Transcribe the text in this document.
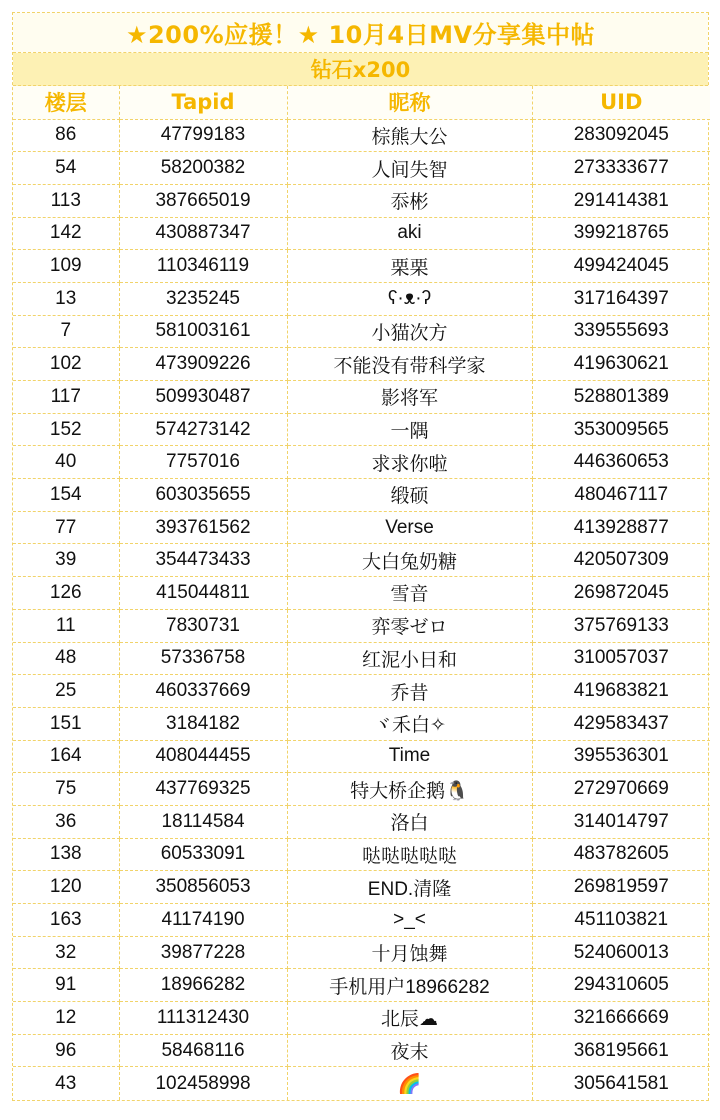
★200%应援！★ 10月4日MV分享集中帖
钻石x200
楼层	Tapid	昵称	UID
86	47799183	棕熊大公	283092045
54	58200382	人间失智	273333677
113	387665019	忝彬	291414381
142	430887347	aki	399218765
109	110346119	栗栗	499424045
13	3235245	ʕ·ᴥ·ʔ	317164397
7	581003161	小猫次方	339555693
102	473909226	不能没有带科学家	419630621
117	509930487	影将军	528801389
152	574273142	一隅	353009565
40	7757016	求求你啦	446360653
154	603035655	缎硕	480467117
77	393761562	Verse	413928877
39	354473433	大白兔奶糖	420507309
126	415044811	雪音	269872045
11	7830731	弈零ゼロ	375769133
48	57336758	红泥小日和	310057037
25	460337669	乔昔	419683821
151	3184182	ヾ禾白✧	429583437
164	408044455	Time	395536301
75	437769325	特大桥企鹅🐧	272970669
36	18114584	洛白	314014797
138	60533091	哒哒哒哒哒	483782605
120	350856053	END.清隆	269819597
163	41174190	>_<	451103821
32	39877228	十月蚀舞	524060013
91	18966282	手机用户18966282	294310605
12	111312430	北辰☁	321666669
96	58468116	夜末	368195661
43	102458998	🌈	305641581
